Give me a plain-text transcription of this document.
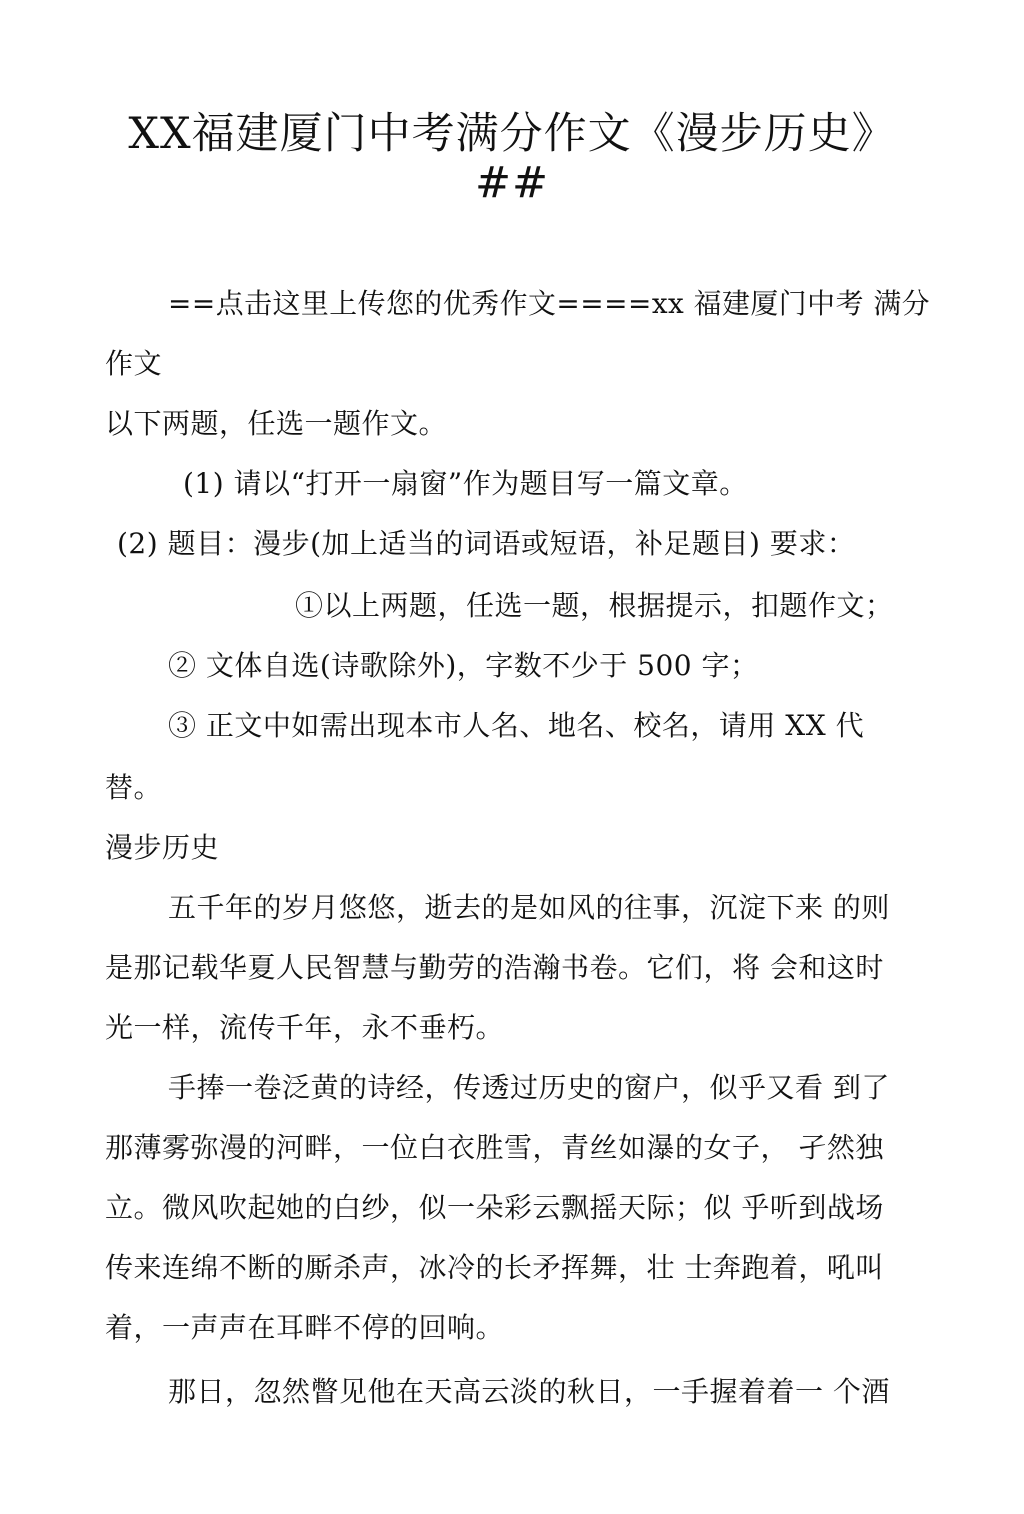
XX福建厦门中考满分作文《漫步历史》
##
==点击这里上传您的优秀作文====xx 福建厦门中考 满分
作文
以下两题，任选一题作文。
(1) 请以“打开一扇窗”作为题目写一篇文章。
(2) 题目：漫步(加上适当的词语或短语，补足题目) 要求：
①以上两题，任选一题，根据提示，扣题作文；
② 文体自选(诗歌除外)，字数不少于 500 字；
③ 正文中如需出现本市人名、地名、校名，请用 XX 代
替。
漫步历史
五千年的岁月悠悠，逝去的是如风的往事，沉淀下来 的则
是那记载华夏人民智慧与勤劳的浩瀚书卷。它们，将 会和这时
光一样，流传千年，永不垂朽。
手捧一卷泛黄的诗经，传透过历史的窗户，似乎又看 到了
那薄雾弥漫的河畔，一位白衣胜雪，青丝如瀑的女子， 孑然独
立。微风吹起她的白纱，似一朵彩云飘摇天际；似 乎听到战场
传来连绵不断的厮杀声，冰冷的长矛挥舞，壮 士奔跑着，吼叫
着，一声声在耳畔不停的回响。
那日，忽然瞥见他在天高云淡的秋日，一手握着着一 个酒
